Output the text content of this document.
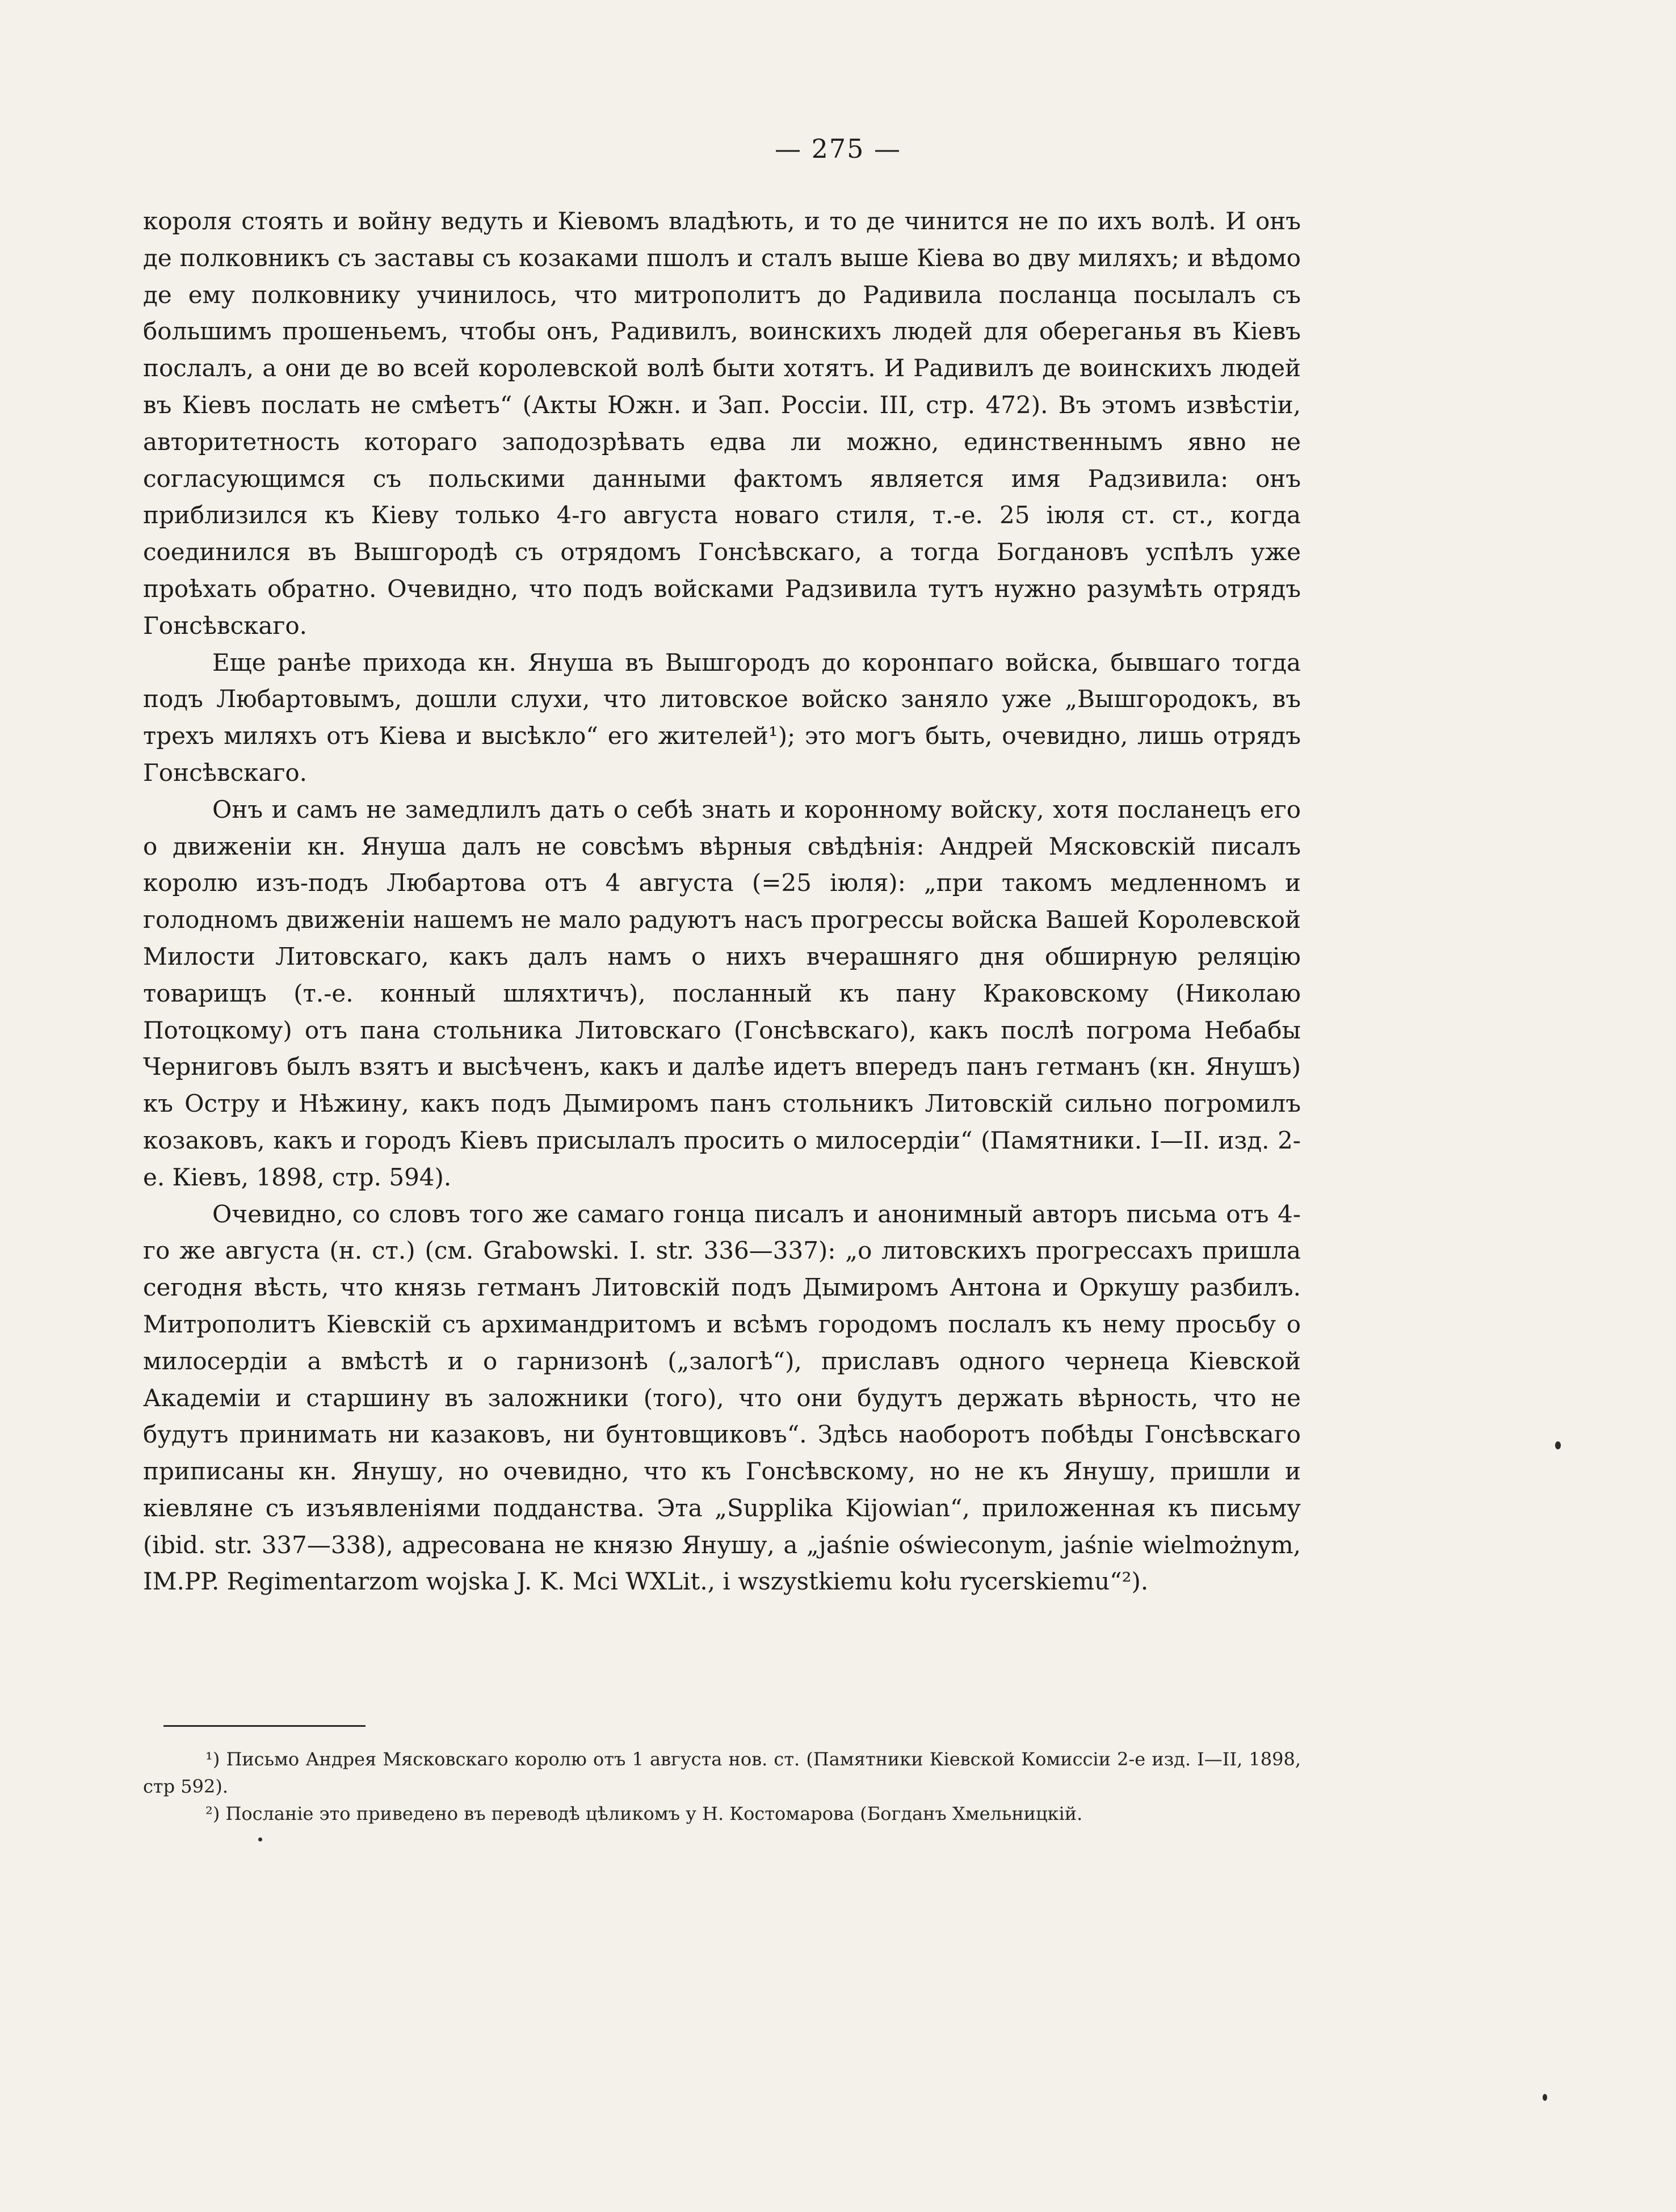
— 275 —

короля стоять и войну ведуть и Кіевомъ владѣють, и то де чинится не по ихъ волѣ. И онъ де полковникъ съ заставы съ козаками пшолъ и сталъ выше Кіева во дву миляхъ; и вѣдомо де ему полковнику учинилось, что митрополитъ до Радивила посланца посылалъ съ большимъ прошеньемъ, чтобы онъ, Радивилъ, воинскихъ людей для обереганья въ Кіевъ послалъ, а они де во всей королевской волѣ быти хотятъ. И Радивилъ де воинскихъ людей въ Кіевъ послать не смѣетъ“ (Акты Южн. и Зап. Россіи. III, стр. 472). Въ этомъ извѣстіи, авторитетность котораго заподозрѣвать едва ли можно, единственнымъ явно не согласующимся съ польскими данными фактомъ является имя Радзивила: онъ приблизился къ Кіеву только 4-го августа новаго стиля, т.-е. 25 іюля ст. ст., когда соединился въ Вышгородѣ съ отрядомъ Гонсѣвскаго, а тогда Богдановъ успѣлъ уже проѣхать обратно. Очевидно, что подъ войсками Радзивила тутъ нужно разумѣть отрядъ Гонсѣвскаго.

Еще ранѣе прихода кн. Януша въ Вышгородъ до коронпаго войска, бывшаго тогда подъ Любартовымъ, дошли слухи, что литовское войско заняло уже „Вышгородокъ, въ трехъ миляхъ отъ Кіева и высѣкло“ его жителей¹); это могъ быть, очевидно, лишь отрядъ Гонсѣвскаго.

Онъ и самъ не замедлилъ дать о себѣ знать и коронному войску, хотя посланецъ его о движеніи кн. Януша далъ не совсѣмъ вѣрныя свѣдѣнія: Андрей Мясковскій писалъ королю изъ-подъ Любартова отъ 4 августа (=25 іюля): „при такомъ медленномъ и голодномъ движеніи нашемъ не мало радуютъ насъ прогрессы войска Вашей Королевской Милости Литовскаго, какъ далъ намъ о нихъ вчерашняго дня обширную реляцію товарищъ (т.-е. конный шляхтичъ), посланный къ пану Краковскому (Николаю Потоцкому) отъ пана стольника Литовскаго (Гонсѣвскаго), какъ послѣ погрома Небабы Черниговъ былъ взятъ и высѣченъ, какъ и далѣе идетъ впередъ панъ гетманъ (кн. Янушъ) къ Остру и Нѣжину, какъ подъ Дымиромъ панъ стольникъ Литовскій сильно погромилъ козаковъ, какъ и городъ Кіевъ присылалъ просить о милосердіи“ (Памятники. I—II. изд. 2-е. Кіевъ, 1898, стр. 594).

Очевидно, со словъ того же самаго гонца писалъ и анонимный авторъ письма отъ 4-го же августа (н. ст.) (см. Grabowski. I. str. 336—337): „о литовскихъ прогрессахъ пришла сегодня вѣсть, что князь гетманъ Литовскій подъ Дымиромъ Антона и Оркушу разбилъ. Митрополитъ Кіевскій съ архимандритомъ и всѣмъ городомъ послалъ къ нему просьбу о милосердіи а вмѣстѣ и о гарнизонѣ („залогѣ“), приславъ одного чернеца Кіевской Академіи и старшину въ заложники (того), что они будутъ держать вѣрность, что не будутъ принимать ни казаковъ, ни бунтовщиковъ“. Здѣсь наоборотъ побѣды Гонсѣвскаго приписаны кн. Янушу, но очевидно, что къ Гонсѣвскому, но не къ Янушу, пришли и кіевляне съ изъявленіями подданства. Эта „Supplika Kijowian“, приложенная къ письму (ibid. str. 337—338), адресована не князю Янушу, а „jaśnie oświeconym, jaśnie wielmożnym, IM.PP. Regimentarzom wojska J. K. Mci WXLit., i wszystkiemu kołu rycerskiemu“²).

¹) Письмо Андрея Мясковскаго королю отъ 1 августа нов. ст. (Памятники Кіевской Комиссіи 2-е изд. I—II, 1898, стр 592).

²) Посланіе это приведено въ переводѣ цѣликомъ у Н. Костомарова (Богданъ Хмельницкій.
